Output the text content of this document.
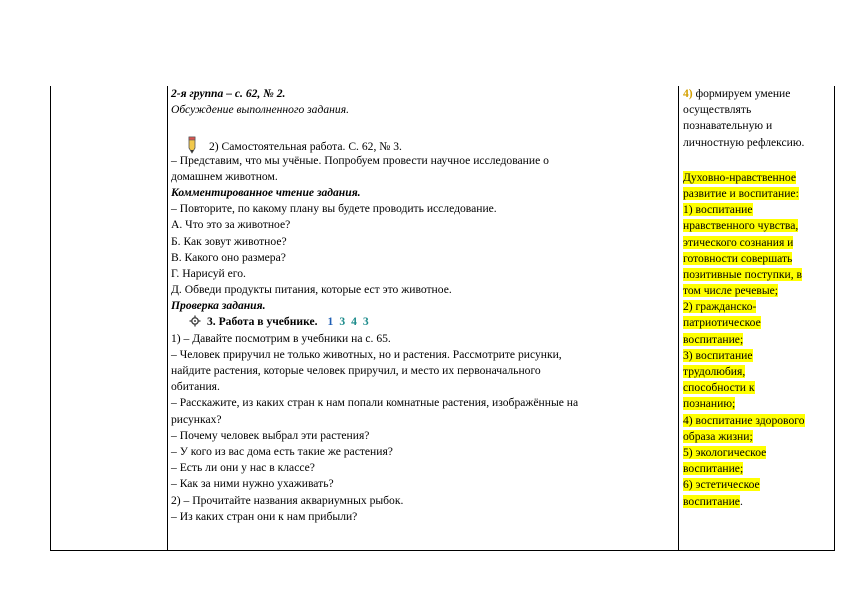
2-я группа – с. 62, № 2.
Обсуждение выполненного задания.
2) Самостоятельная работа. С. 62, № 3.
– Представим, что мы учёные. Попробуем провести научное исследование о
домашнем животном.
Комментированное чтение задания.
– Повторите, по какому плану вы будете проводить исследование.
А. Что это за животное?
Б. Как зовут животное?
В. Какого оно размера?
Г. Нарисуй его.
Д. Обведи продукты питания, которые ест это животное.
Проверка задания.
3. Работа в учебнике. 1 3 4 3
1) – Давайте посмотрим в учебники на с. 65.
– Человек приручил не только животных, но и растения. Рассмотрите рисунки,
найдите растения, которые человек приручил, и место их первоначального
обитания.
– Расскажите, из каких стран к нам попали комнатные растения, изображённые на
рисунках?
– Почему человек выбрал эти растения?
– У кого из вас дома есть такие же растения?
– Есть ли они у нас в классе?
– Как за ними нужно ухаживать?
2) – Прочитайте названия аквариумных рыбок.
– Из каких стран они к нам прибыли?
4) формируем умение
осуществлять
познавательную и
личностную рефлексию.
Духовно-нравственное
развитие и воспитание:
1) воспитание
нравственного чувства,
этического сознания и
готовности совершать
позитивные поступки, в
том числе речевые;
2) гражданско-
патриотическое
воспитание;
3) воспитание
трудолюбия,
способности к
познанию;
4) воспитание здорового
образа жизни;
5) экологическое
воспитание;
6) эстетическое
воспитание.
